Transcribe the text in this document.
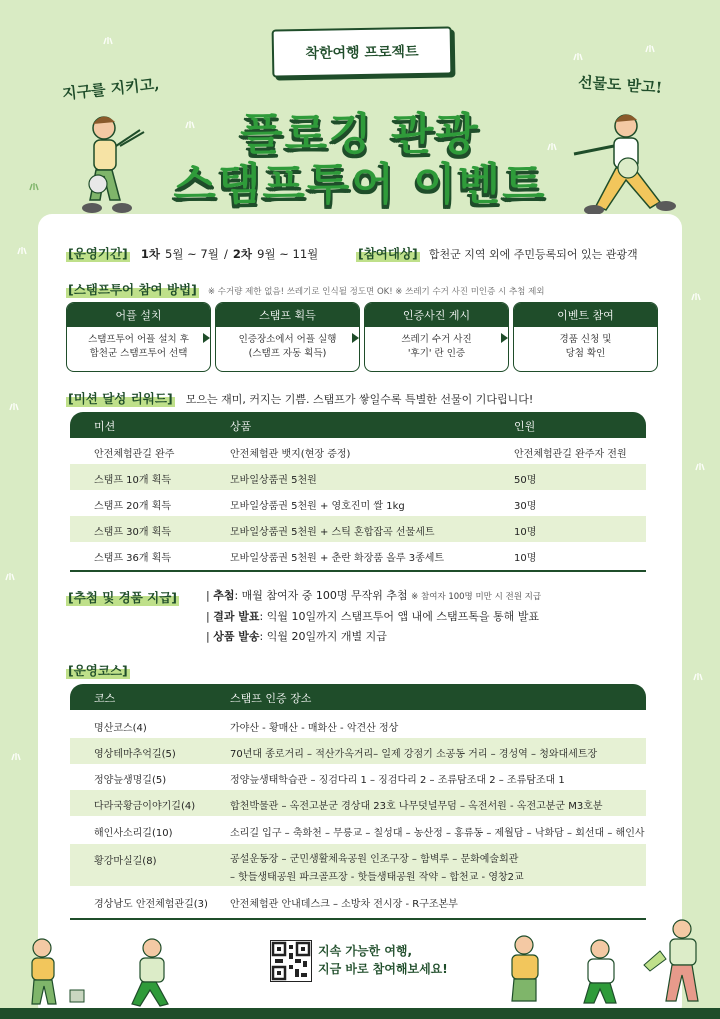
착한여행 프로젝트
지구를 지키고,	선물도 받고!
플로깅 관광
스탬프투어 이벤트
[운영기간] 1차 5월 ~ 7월 / 2차 9월 ~ 11월	[참여대상] 합천군 지역 외에 주민등록되어 있는 관광객
[스탬프투어 참여 방법] ※ 수거량 제한 없음! 쓰레기로 인식될 정도면 OK! ※ 쓰레기 수거 사진 미인증 시 추첨 제외
어플 설치
스탬프투어 어플 설치 후
합천군 스탬프투어 선택
스탬프 획득
인증장소에서 어플 실행
(스탬프 자동 획득)
인증사진 게시
쓰레기 수거 사진
'후기' 란 인증
이벤트 참여
경품 신청 및
당첨 확인
[미션 달성 리워드] 모으는 재미, 커지는 기쁨. 스탬프가 쌓일수록 특별한 선물이 기다립니다!
미션	상품	인원
안전체험관길 완주	안전체험관 뱃지(현장 증정)	안전체험관길 완주자 전원
스탬프 10개 획득	모바일상품권 5천원	50명
스탬프 20개 획득	모바일상품권 5천원 + 영호진미 쌀 1kg	30명
스탬프 30개 획득	모바일상품권 5천원 + 스틱 혼합잡곡 선물세트	10명
스탬프 36개 획득	모바일상품권 5천원 + 춘란 화장품 올루 3종세트	10명
[추첨 및 경품 지급]	| 추첨: 매월 참여자 중 100명 무작위 추첨 ※ 참여자 100명 미만 시 전원 지급
| 결과 발표: 익월 10일까지 스탬프투어 앱 내에 스탬프톡을 통해 발표
| 상품 발송: 익월 20일까지 개별 지급
[운영코스]
코스	스탬프 인증 장소
명산코스(4)	가야산 - 황매산 - 매화산 - 악견산 정상
영상테마추억길(5)	70년대 종로거리 – 적산가옥거리– 일제 강점기 소공동 거리 – 경성역 – 청와대세트장
정양늪생명길(5)	정양늪생태학습관 – 징검다리 1 – 징검다리 2 – 조류탐조대 2 – 조류탐조대 1
다라국황금이야기길(4)	합천박물관 – 옥전고분군 경상대 23호 나무덧널무덤 – 옥전서원 - 옥전고분군 M3호분
해인사소리길(10)	소리길 입구 – 축화천 – 무릉교 – 칠성대 – 농산정 – 홍류동 – 제월담 – 낙화담 – 회선대 – 해인사
황강마실길(8)	공설운동장 – 군민생활체육공원 인조구장 – 함벽루 – 문화예술회관
– 핫들생태공원 파크골프장 - 핫들생태공원 작약 – 합천교 - 영창2교
경상남도 안전체험관길(3) 안전체험관 안내데스크 – 소방차 전시장 - R구조본부
지속 가능한 여행,
지금 바로 참여해보세요!
